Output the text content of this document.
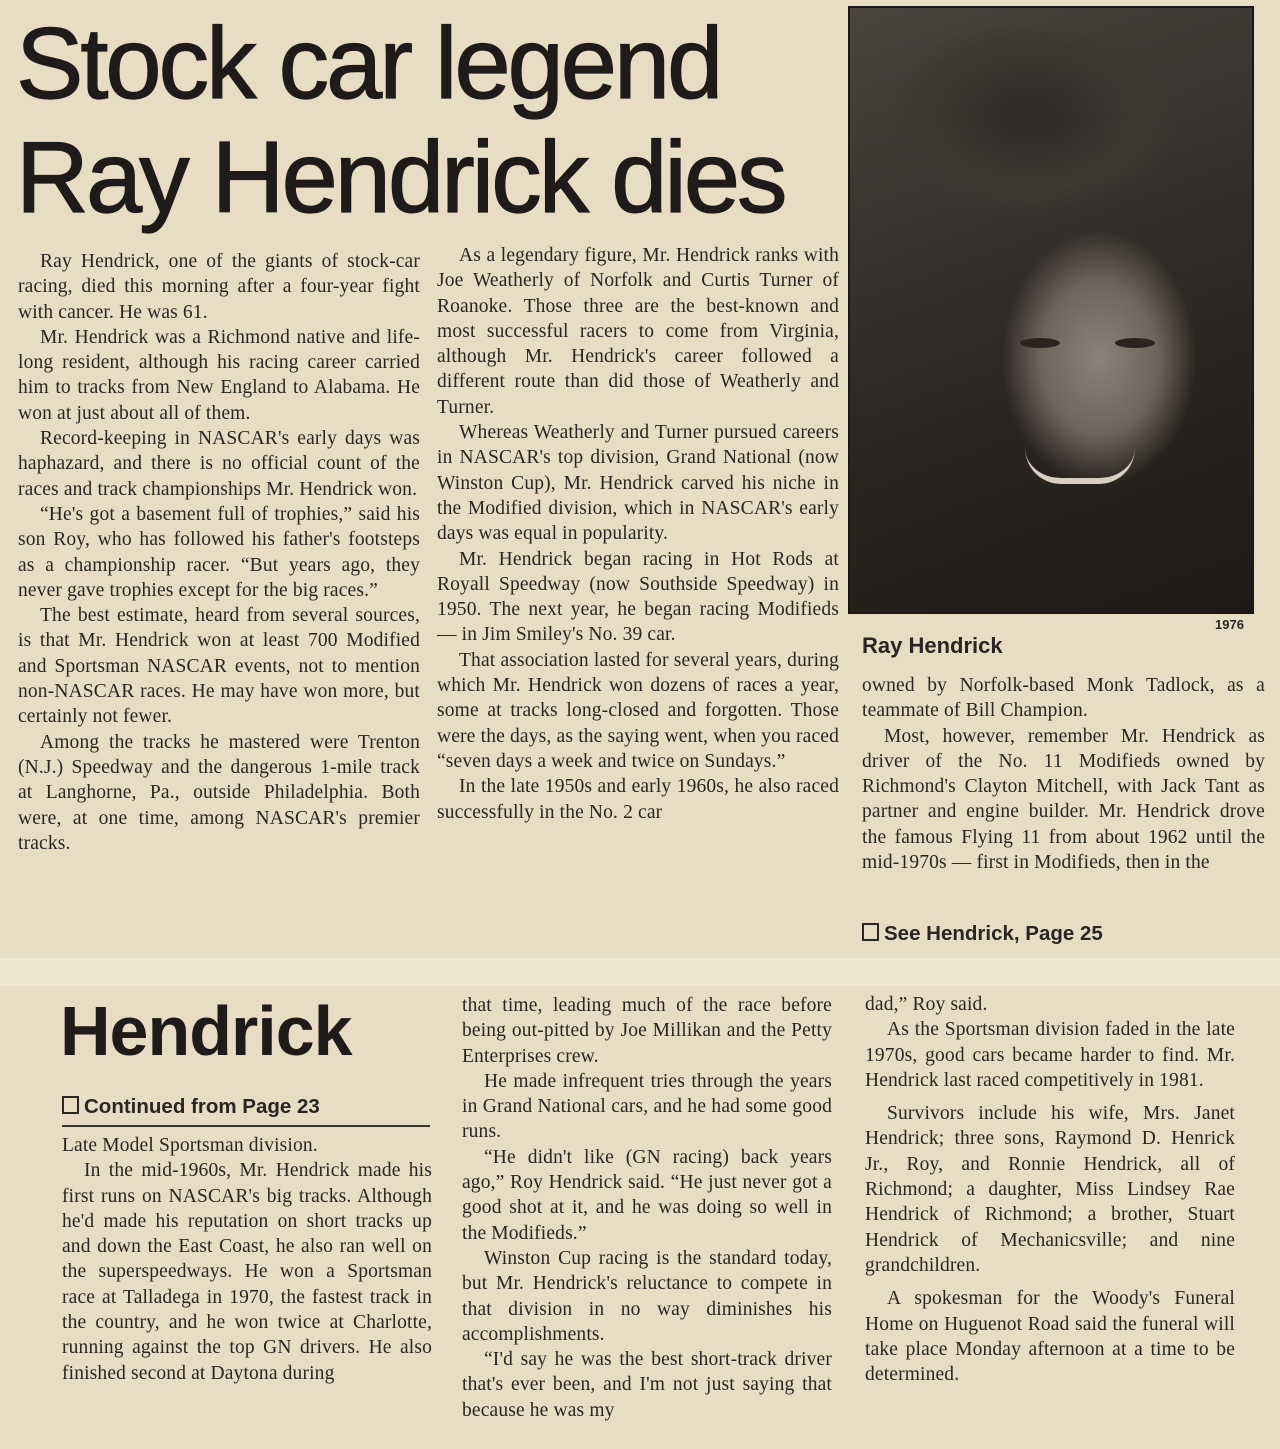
Stock car legend
Ray Hendrick dies
1976
Ray Hendrick

Ray Hendrick, one of the giants of stock-car racing, died this morning after a four-year fight with cancer. He was 61.

Mr. Hendrick was a Richmond native and life-long resident, although his racing career carried him to tracks from New England to Alabama. He won at just about all of them.

Record-keeping in NASCAR's early days was haphazard, and there is no official count of the races and track championships Mr. Hendrick won.

“He's got a basement full of trophies,” said his son Roy, who has followed his father's footsteps as a championship racer. “But years ago, they never gave trophies except for the big races.”

The best estimate, heard from several sources, is that Mr. Hendrick won at least 700 Modified and Sportsman NASCAR events, not to mention non-NASCAR races. He may have won more, but certainly not fewer.

Among the tracks he mastered were Trenton (N.J.) Speedway and the dangerous 1-mile track at Langhorne, Pa., outside Philadelphia. Both were, at one time, among NASCAR's premier tracks.

As a legendary figure, Mr. Hendrick ranks with Joe Weatherly of Norfolk and Curtis Turner of Roanoke. Those three are the best-known and most successful racers to come from Virginia, although Mr. Hendrick's career followed a different route than did those of Weatherly and Turner.

Whereas Weatherly and Turner pursued careers in NASCAR's top division, Grand National (now Winston Cup), Mr. Hendrick carved his niche in the Modified division, which in NASCAR's early days was equal in popularity.

Mr. Hendrick began racing in Hot Rods at Royall Speedway (now Southside Speedway) in 1950. The next year, he began racing Modifieds — in Jim Smiley's No. 39 car.

That association lasted for several years, during which Mr. Hendrick won dozens of races a year, some at tracks long-closed and forgotten. Those were the days, as the saying went, when you raced “seven days a week and twice on Sundays.”

In the late 1950s and early 1960s, he also raced successfully in the No. 2 car

owned by Norfolk-based Monk Tadlock, as a teammate of Bill Champion.

Most, however, remember Mr. Hendrick as driver of the No. 11 Modifieds owned by Richmond's Clayton Mitchell, with Jack Tant as partner and engine builder. Mr. Hendrick drove the famous Flying 11 from about 1962 until the mid-1970s — first in Modifieds, then in the

See Hendrick, Page 25
Hendrick
Continued from Page 23

Late Model Sportsman division.

In the mid-1960s, Mr. Hendrick made his first runs on NASCAR's big tracks. Although he'd made his reputation on short tracks up and down the East Coast, he also ran well on the superspeedways. He won a Sportsman race at Talladega in 1970, the fastest track in the country, and he won twice at Charlotte, running against the top GN drivers. He also finished second at Daytona during

that time, leading much of the race before being out-pitted by Joe Millikan and the Petty Enterprises crew.

He made infrequent tries through the years in Grand National cars, and he had some good runs.

“He didn't like (GN racing) back years ago,” Roy Hendrick said. “He just never got a good shot at it, and he was doing so well in the Modifieds.”

Winston Cup racing is the standard today, but Mr. Hendrick's reluctance to compete in that division in no way diminishes his accomplishments.

“I'd say he was the best short-track driver that's ever been, and I'm not just saying that because he was my

dad,” Roy said.

As the Sportsman division faded in the late 1970s, good cars became harder to find. Mr. Hendrick last raced competitively in 1981.

Survivors include his wife, Mrs. Janet Hendrick; three sons, Raymond D. Henrick Jr., Roy, and Ronnie Hendrick, all of Richmond; a daughter, Miss Lindsey Rae Hendrick of Richmond; a brother, Stuart Hendrick of Mechanicsville; and nine grandchildren.

A spokesman for the Woody's Funeral Home on Huguenot Road said the funeral will take place Monday afternoon at a time to be determined.
